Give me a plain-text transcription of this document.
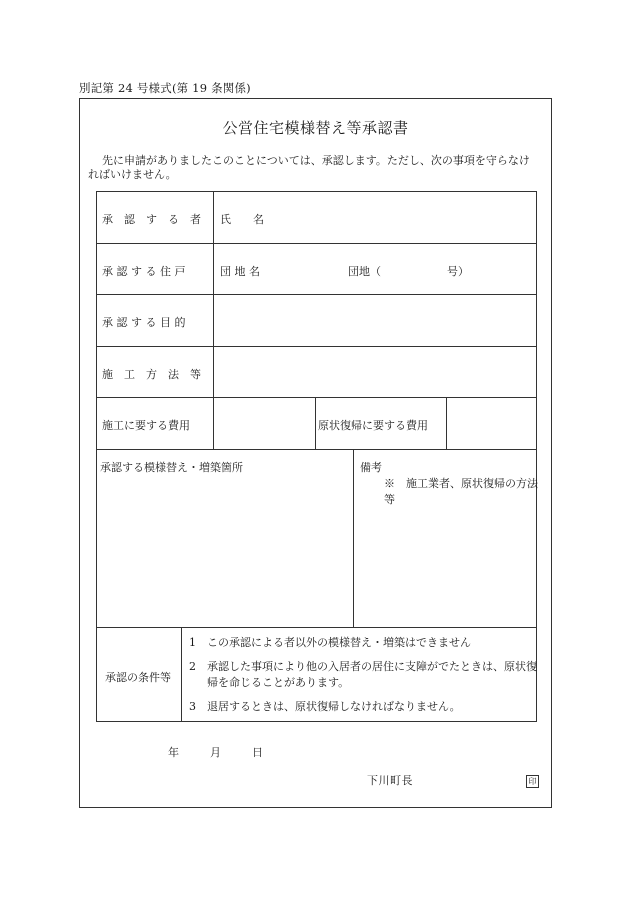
別記第 24 号様式(第 19 条関係)
公営住宅模様替え等承認書
先に申請がありましたこのことについては、承認します。ただし、次の事項を守らなければいけません。
承　認　す　る　者 氏　　名
承 認 す る 住 戸	団 地 名	団地（　　　　　　号）
承 認 す る 目 的
施　工　方　法　等
施工に要する費用	原状復帰に要する費用
承認する模様替え・増築箇所	備考
※　施工業者、原状復帰の方法等
承認の条件等
1 この承認による者以外の模様替え・増築はできません
2 承認した事項により他の入居者の居住に支障がでたときは、原状復帰を命じることがあります。
3 退居するときは、原状復帰しなければなりません。
年	月	日
下川町長	印
